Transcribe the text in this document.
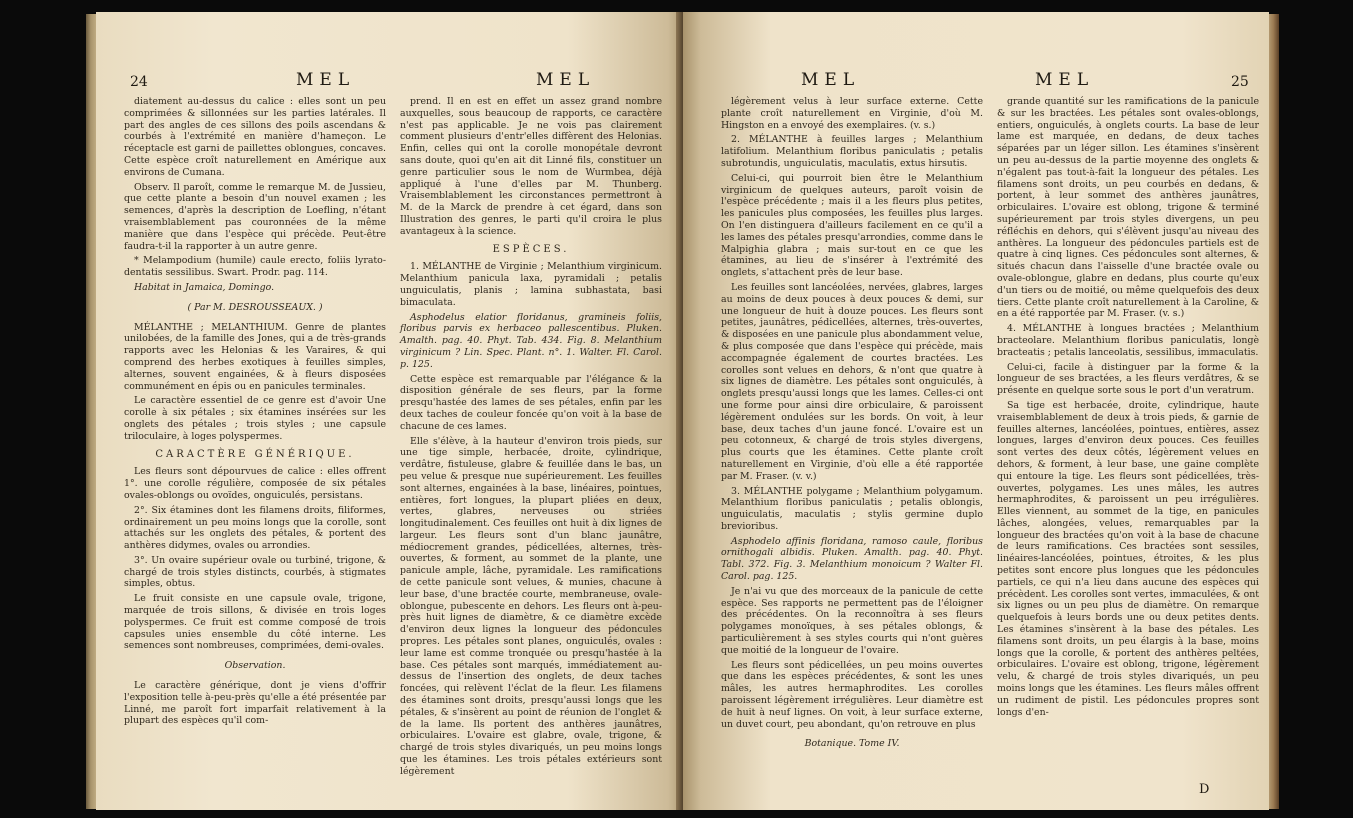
24	MEL	MEL

diatement au-dessus du calice : elles sont un peu comprimées & sillonnées sur les parties latérales. Il part des angles de ces sillons des poils ascendans & courbés à l'extrémité en manière d'hameçon. Le réceptacle est garni de paillettes oblongues, concaves. Cette espèce croît naturellement en Amérique aux environs de Cumana.

Observ. Il paroît, comme le remarque M. de Jussieu, que cette plante a besoin d'un nouvel examen ; les semences, d'après la description de Loefling, n'étant vraisemblablement pas couronnées de la même manière que dans l'espèce qui précède. Peut-être faudra-t-il la rapporter à un autre genre.

* Melampodium (humile) caule erecto, foliis lyrato-dentatis sessilibus. Swart. Prodr. pag. 114.

Habitat in Jamaica, Domingo.

( Par M. DESROUSSEAUX. )

MÉLANTHE ; MELANTHIUM. Genre de plantes unilobées, de la famille des Jones, qui a de très-grands rapports avec les Helonias & les Varaires, & qui comprend des herbes exotiques à feuilles simples, alternes, souvent engainées, & à fleurs disposées communément en épis ou en panicules terminales.

Le caractère essentiel de ce genre est d'avoir Une corolle à six pétales ; six étamines insérées sur les onglets des pétales ; trois styles ; une capsule triloculaire, à loges polyspermes.

CARACTÈRE GÉNÉRIQUE.

Les fleurs sont dépourvues de calice : elles offrent 1°. une corolle régulière, composée de six pétales ovales-oblongs ou ovoïdes, onguiculés, persistans.

2°. Six étamines dont les filamens droits, filiformes, ordinairement un peu moins longs que la corolle, sont attachés sur les onglets des pétales, & portent des anthères didymes, ovales ou arrondies.

3°. Un ovaire supérieur ovale ou turbiné, trigone, & chargé de trois styles distincts, courbés, à stigmates simples, obtus.

Le fruit consiste en une capsule ovale, trigone, marquée de trois sillons, & divisée en trois loges polyspermes. Ce fruit est comme composé de trois capsules unies ensemble du côté interne. Les semences sont nombreuses, comprimées, demi-ovales.

Observation.

Le caractère générique, dont je viens d'offrir l'exposition telle à-peu-près qu'elle a été présentée par Linné, me paroît fort imparfait relativement à la plupart des espèces qu'il com-

prend. Il en est en effet un assez grand nombre auxquelles, sous beaucoup de rapports, ce caractère n'est pas applicable. Je ne vois pas clairement comment plusieurs d'entr'elles diffèrent des Helonias. Enfin, celles qui ont la corolle monopétale devront sans doute, quoi qu'en ait dit Linné fils, constituer un genre particulier sous le nom de Wurmbea, déjà appliqué à l'une d'elles par M. Thunberg. Vraisemblablement les circonstances permettront à M. de la Marck de prendre à cet égard, dans son Illustration des genres, le parti qu'il croira le plus avantageux à la science.

ESPÈCES.

1. MÉLANTHE de Virginie ; Melanthium virginicum. Melanthium panicula laxa, pyramidali ; petalis unguiculatis, planis ; lamina subhastata, basi bimaculata.

Asphodelus elatior floridanus, gramineis foliis, floribus parvis ex herbaceo pallescentibus. Pluken. Amalth. pag. 40. Phyt. Tab. 434. Fig. 8. Melanthium virginicum ? Lin. Spec. Plant. n°. 1. Walter. Fl. Carol. p. 125.

Cette espèce est remarquable par l'élégance & la disposition générale de ses fleurs, par la forme presqu'hastée des lames de ses pétales, enfin par les deux taches de couleur foncée qu'on voit à la base de chacune de ces lames.

Elle s'élève, à la hauteur d'environ trois pieds, sur une tige simple, herbacée, droite, cylindrique, verdâtre, fistuleuse, glabre & feuillée dans le bas, un peu velue & presque nue supérieurement. Les feuilles sont alternes, engainées à la base, linéaires, pointues, entières, fort longues, la plupart pliées en deux, vertes, glabres, nerveuses ou striées longitudinalement. Ces feuilles ont huit à dix lignes de largeur. Les fleurs sont d'un blanc jaunâtre, médiocrement grandes, pédicellées, alternes, très-ouvertes, & forment, au sommet de la plante, une panicule ample, lâche, pyramidale. Les ramifications de cette panicule sont velues, & munies, chacune à leur base, d'une bractée courte, membraneuse, ovale-oblongue, pubescente en dehors. Les fleurs ont à-peu-près huit lignes de diamètre, & ce diamètre excède d'environ deux lignes la longueur des pédoncules propres. Les pétales sont planes, onguiculés, ovales : leur lame est comme tronquée ou presqu'hastée à la base. Ces pétales sont marqués, immédiatement au-dessus de l'insertion des onglets, de deux taches foncées, qui relèvent l'éclat de la fleur. Les filamens des étamines sont droits, presqu'aussi longs que les pétales, & s'insèrent au point de réunion de l'onglet & de la lame. Ils portent des anthères jaunâtres, orbiculaires. L'ovaire est glabre, ovale, trigone, & chargé de trois styles divariqués, un peu moins longs que les étamines. Les trois pétales extérieurs sont légèrement

MEL	MEL	25

légèrement velus à leur surface externe. Cette plante croît naturellement en Virginie, d'où M. Hingston en a envoyé des exemplaires. (v. s.)

2. MÉLANTHE à feuilles larges ; Melanthium latifolium. Melanthium floribus paniculatis ; petalis subrotundis, unguiculatis, maculatis, extus hirsutis.

Celui-ci, qui pourroit bien être le Melanthium virginicum de quelques auteurs, paroît voisin de l'espèce précédente ; mais il a les fleurs plus petites, les panicules plus composées, les feuilles plus larges. On l'en distinguera d'ailleurs facilement en ce qu'il a les lames des pétales presqu'arrondies, comme dans le Malpighia glabra ; mais sur-tout en ce que les étamines, au lieu de s'insérer à l'extrémité des onglets, s'attachent près de leur base.

Les feuilles sont lancéolées, nervées, glabres, larges au moins de deux pouces à deux pouces & demi, sur une longueur de huit à douze pouces. Les fleurs sont petites, jaunâtres, pédicellées, alternes, très-ouvertes, & disposées en une panicule plus abondamment velue, & plus composée que dans l'espèce qui précède, mais accompagnée également de courtes bractées. Les corolles sont velues en dehors, & n'ont que quatre à six lignes de diamètre. Les pétales sont onguiculés, à onglets presqu'aussi longs que les lames. Celles-ci ont une forme pour ainsi dire orbiculaire, & paroissent légèrement ondulées sur les bords. On voit, à leur base, deux taches d'un jaune foncé. L'ovaire est un peu cotonneux, & chargé de trois styles divergens, plus courts que les étamines. Cette plante croît naturellement en Virginie, d'où elle a été rapportée par M. Fraser. (v. v.)

3. MÉLANTHE polygame ; Melanthium polygamum. Melanthium floribus paniculatis ; petalis oblongis, unguiculatis, maculatis ; stylis germine duplo brevioribus.

Asphodelo affinis floridana, ramoso caule, floribus ornithogali albidis. Pluken. Amalth. pag. 40. Phyt. Tabl. 372. Fig. 3. Melanthium monoicum ? Walter Fl. Carol. pag. 125.

Je n'ai vu que des morceaux de la panicule de cette espèce. Ses rapports ne permettent pas de l'éloigner des précédentes. On la reconnoîtra à ses fleurs polygames monoïques, à ses pétales oblongs, & particulièrement à ses styles courts qui n'ont guères que moitié de la longueur de l'ovaire.

Les fleurs sont pédicellées, un peu moins ouvertes que dans les espèces précédentes, & sont les unes mâles, les autres hermaphrodites. Les corolles paroissent légèrement irrégulières. Leur diamètre est de huit à neuf lignes. On voit, à leur surface externe, un duvet court, peu abondant, qu'on retrouve en plus

Botanique. Tome IV.

grande quantité sur les ramifications de la panicule & sur les bractées. Les pétales sont ovales-oblongs, entiers, onguiculés, à onglets courts. La base de leur lame est marquée, en dedans, de deux taches séparées par un léger sillon. Les étamines s'insèrent un peu au-dessus de la partie moyenne des onglets & n'égalent pas tout-à-fait la longueur des pétales. Les filamens sont droits, un peu courbés en dedans, & portent, à leur sommet des anthères jaunâtres, orbiculaires. L'ovaire est oblong, trigone & terminé supérieurement par trois styles divergens, un peu réfléchis en dehors, qui s'élèvent jusqu'au niveau des anthères. La longueur des pédoncules partiels est de quatre à cinq lignes. Ces pédoncules sont alternes, & situés chacun dans l'aisselle d'une bractée ovale ou ovale-oblongue, glabre en dedans, plus courte qu'eux d'un tiers ou de moitié, ou même quelquefois des deux tiers. Cette plante croît naturellement à la Caroline, & en a été rapportée par M. Fraser. (v. s.)

4. MÉLANTHE à longues bractées ; Melanthium bracteolare. Melanthium floribus paniculatis, longè bracteatis ; petalis lanceolatis, sessilibus, immaculatis.

Celui-ci, facile à distinguer par la forme & la longueur de ses bractées, a les fleurs verdâtres, & se présente en quelque sorte sous le port d'un veratrum.

Sa tige est herbacée, droite, cylindrique, haute vraisemblablement de deux à trois pieds, & garnie de feuilles alternes, lancéolées, pointues, entières, assez longues, larges d'environ deux pouces. Ces feuilles sont vertes des deux côtés, légèrement velues en dehors, & forment, à leur base, une gaine complète qui entoure la tige. Les fleurs sont pédicellées, très-ouvertes, polygames. Les unes mâles, les autres hermaphrodites, & paroissent un peu irrégulières. Elles viennent, au sommet de la tige, en panicules lâches, alongées, velues, remarquables par la longueur des bractées qu'on voit à la base de chacune de leurs ramifications. Ces bractées sont sessiles, linéaires-lancéolées, pointues, étroites, & les plus petites sont encore plus longues que les pédoncules partiels, ce qui n'a lieu dans aucune des espèces qui précèdent. Les corolles sont vertes, immaculées, & ont six lignes ou un peu plus de diamètre. On remarque quelquefois à leurs bords une ou deux petites dents. Les étamines s'insèrent à la base des pétales. Les filamens sont droits, un peu élargis à la base, moins longs que la corolle, & portent des anthères peltées, orbiculaires. L'ovaire est oblong, trigone, légèrement velu, & chargé de trois styles divariqués, un peu moins longs que les étamines. Les fleurs mâles offrent un rudiment de pistil. Les pédoncules propres sont longs d'en-

D
